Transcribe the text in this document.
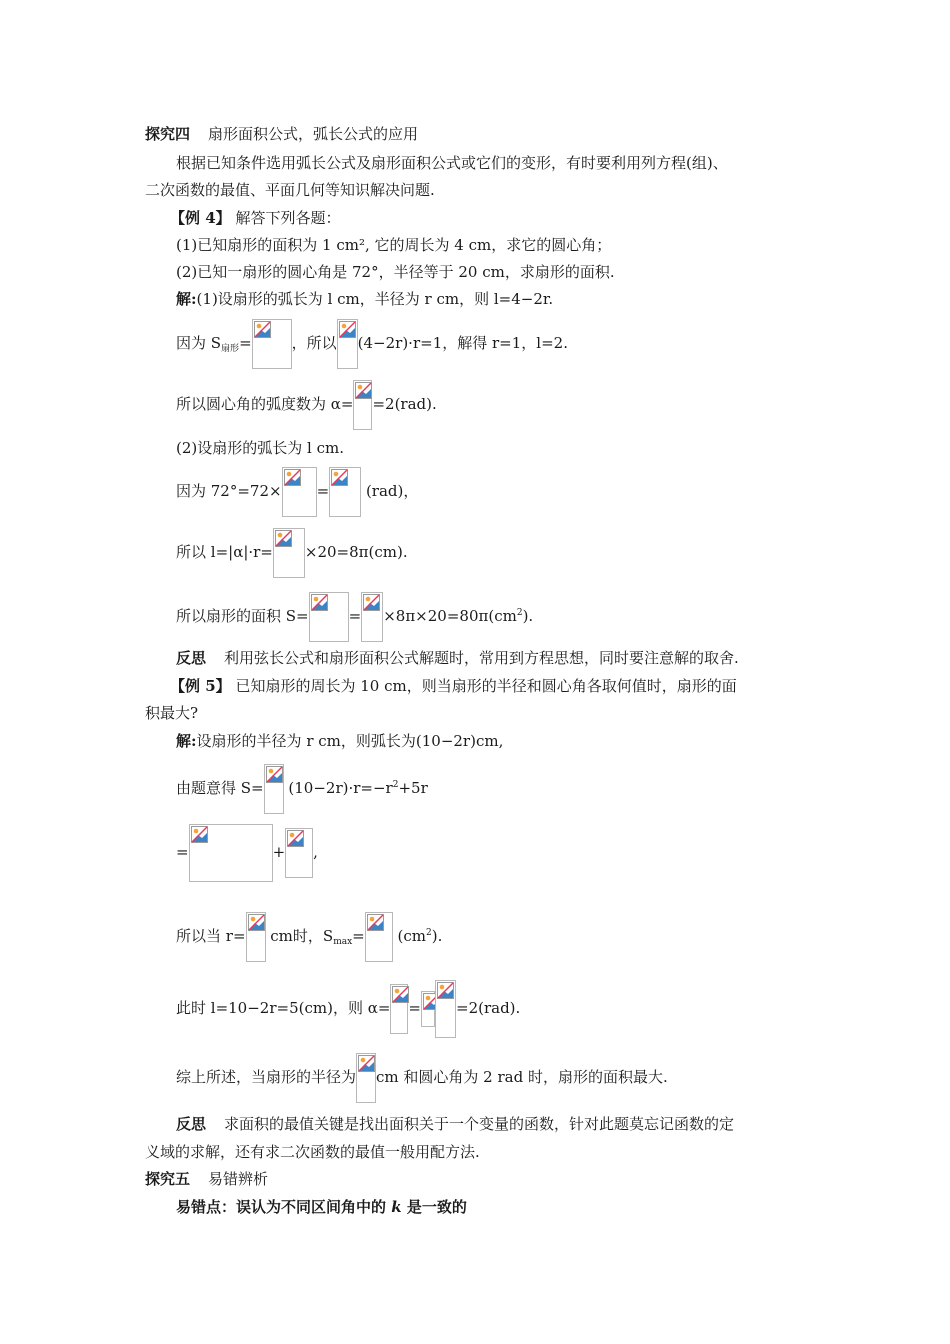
探究四 扇形面积公式，弧长公式的应用
根据已知条件选用弧长公式及扇形面积公式或它们的变形，有时要利用列方程(组)、
二次函数的最值、平面几何等知识解决问题.
【例 4】 解答下列各题：
(1)已知扇形的面积为 1 cm², 它的周长为 4 cm，求它的圆心角；
(2)已知一扇形的圆心角是 72°，半径等于 20 cm，求扇形的面积.
解:(1)设扇形的弧长为 l cm，半径为 r cm，则 l=4−2r.
因为 $S_{扇形}=$	，所以 (4−2r)·r=1，解得 r=1，l=2.
所以圆心角的弧度数为 α= =2(rad).
(2)设扇形的弧长为 l cm.
因为 72°=72× =
(rad)，
所以 l=|α|·r= ×20=8π(cm).
所以扇形的面积 S=	= $\times 8\pi\times 20=80\pi(cm^2)$.
反思 利用弦长公式和扇形面积公式解题时，常用到方程思想，同时要注意解的取舍.
【例 5】 已知扇形的周长为 10 cm，则当扇形的半径和圆心角各取何值时，扇形的面
积最大?
解:设扇形的半径为 r cm，则弧长为(10−2r)cm,
由题意得 S=
$(10-2r)\cdot r=-r^2+5r$
=	+ ,
所以当 r=
cm时，$S_{max}=$
$(cm^2)$.
此时 l=10−2r=5(cm)，则 α= = =2(rad).
综上所述，当扇形的半径为 cm 和圆心角为 2 rad 时，扇形的面积最大.
反思 求面积的最值关键是找出面积关于一个变量的函数，针对此题莫忘记函数的定
义域的求解，还有求二次函数的最值一般用配方法.
探究五 易错辨析
易错点：误认为不同区间角中的 k 是一致的
